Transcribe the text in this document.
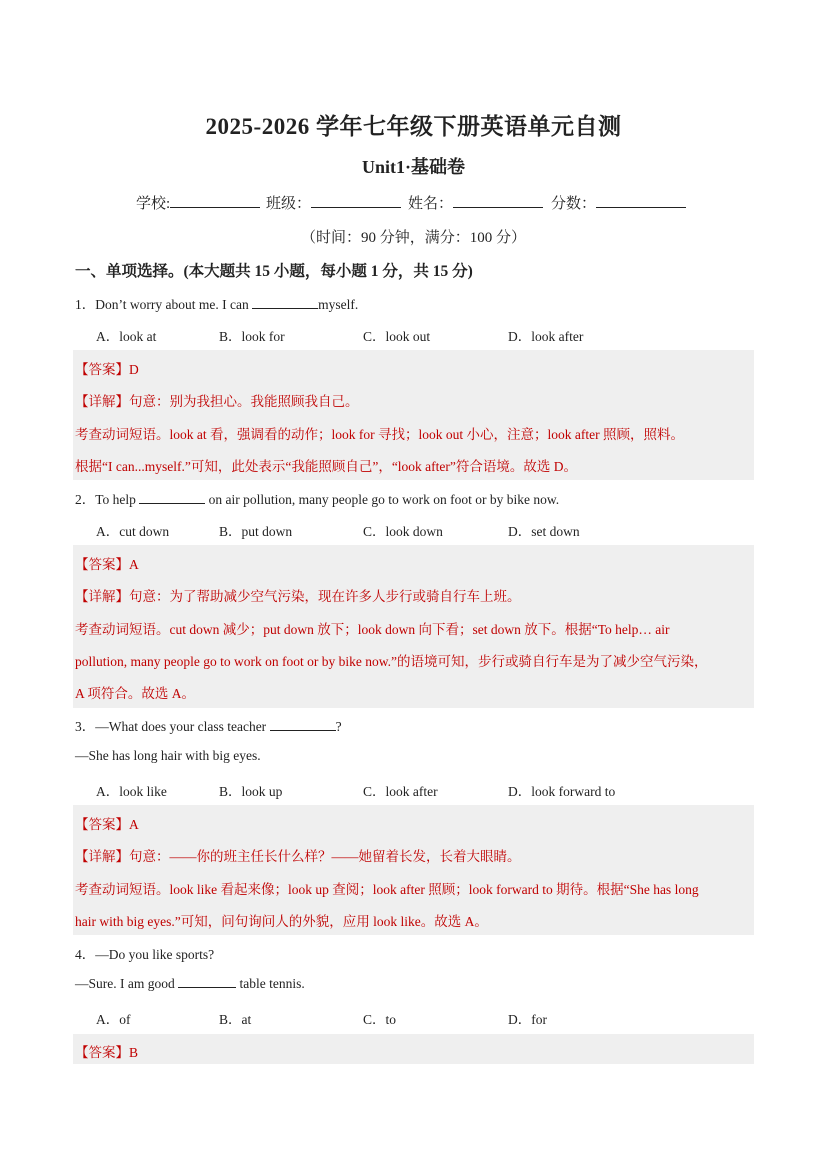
2025-2026 学年七年级下册英语单元自测
Unit1·基础卷
学校:	班级：	姓名：	分数：
（时间：90 分钟，满分：100 分）
一、单项选择。(本大题共 15 小题，每小题 1 分，共 15 分)
1．Don’t worry about me. I can	myself.
A．look at	B．look for	C．look out	D．look after
【答案】D
【详解】句意：别为我担心。我能照顾我自己。
考查动词短语。look at 看，强调看的动作；look for 寻找；look out 小心，注意；look after 照顾，照料。
根据“I can...myself.”可知，此处表示“我能照顾自己”，“look after”符合语境。故选 D。
2．To help	on air pollution, many people go to work on foot or by bike now.
A．cut down	B．put down	C．look down	D．set down
【答案】A
【详解】句意：为了帮助减少空气污染，现在许多人步行或骑自行车上班。
考查动词短语。cut down 减少；put down 放下；look down 向下看；set down 放下。根据“To help… air
pollution, many people go to work on foot or by bike now.”的语境可知，步行或骑自行车是为了减少空气污染，
A 项符合。故选 A。
3．—What does your class teacher	?
—She has long hair with big eyes.
A．look like	B．look up	C．look after	D．look forward to
【答案】A
【详解】句意：——你的班主任长什么样？——她留着长发，长着大眼睛。
考查动词短语。look like 看起来像；look up 查阅；look after 照顾；look forward to 期待。根据“She has long
hair with big eyes.”可知，问句询问人的外貌，应用 look like。故选 A。
4．—Do you like sports?
—Sure. I am good	table tennis.
A．of	B．at	C．to	D．for
【答案】B
